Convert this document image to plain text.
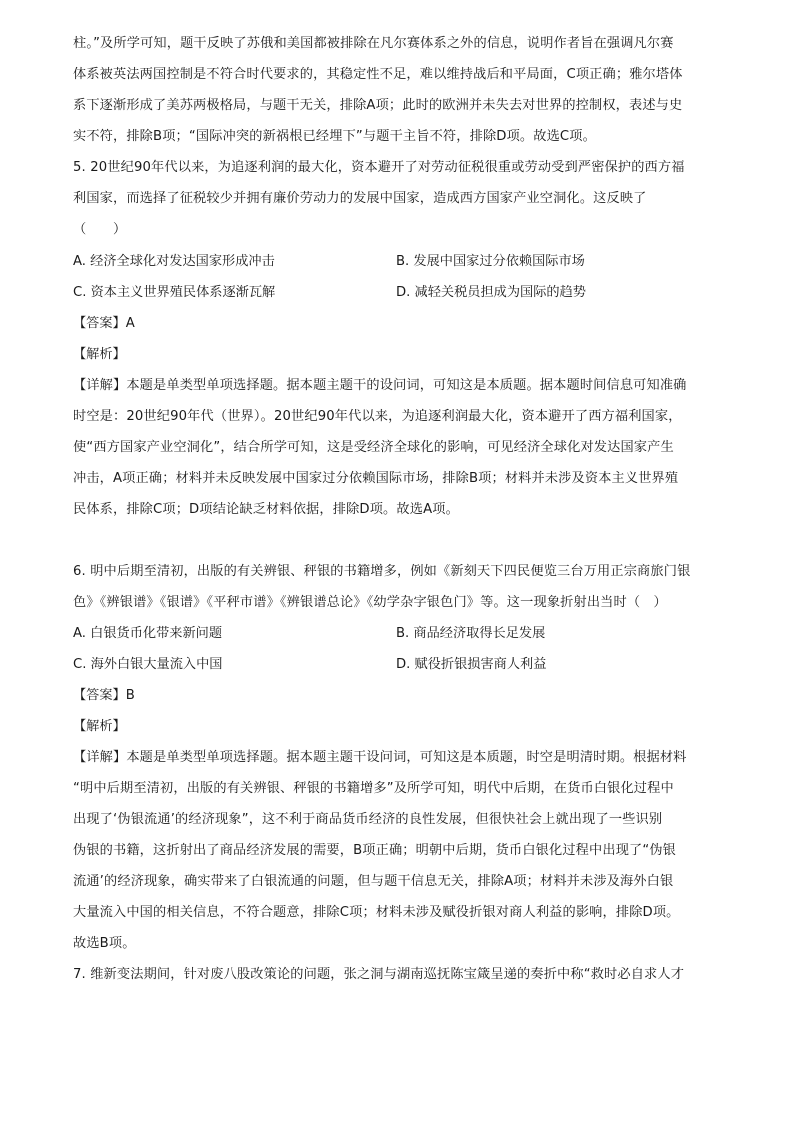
柱。”及所学可知，题干反映了苏俄和美国都被排除在凡尔赛体系之外的信息，说明作者旨在强调凡尔赛
体系被英法两国控制是不符合时代要求的，其稳定性不足，难以维持战后和平局面，C项正确；雅尔塔体
系下逐渐形成了美苏两极格局，与题干无关，排除A项；此时的欧洲并未失去对世界的控制权，表述与史
实不符，排除B项；“国际冲突的新祸根已经埋下”与题干主旨不符，排除D项。故选C项。
5. 20世纪90年代以来，为追逐利润的最大化，资本避开了对劳动征税很重或劳动受到严密保护的西方福
利国家，而选择了征税较少并拥有廉价劳动力的发展中国家，造成西方国家产业空洞化。这反映了
（　　）
A. 经济全球化对发达国家形成冲击	B. 发展中国家过分依赖国际市场
C. 资本主义世界殖民体系逐渐瓦解	D. 减轻关税员担成为国际的趋势
【答案】A
【解析】
【详解】本题是单类型单项选择题。据本题主题干的设问词，可知这是本质题。据本题时间信息可知准确
时空是：20世纪90年代（世界）。20世纪90年代以来，为追逐利润最大化，资本避开了西方福利国家，
使“西方国家产业空洞化”，结合所学可知，这是受经济全球化的影响，可见经济全球化对发达国家产生
冲击，A项正确；材料并未反映发展中国家过分依赖国际市场，排除B项；材料并未涉及资本主义世界殖
民体系，排除C项；D项结论缺乏材料依据，排除D项。故选A项。
6. 明中后期至清初，出版的有关辨银、秤银的书籍增多，例如《新刻天下四民便览三台万用正宗商旅门银
色》《辨银谱》《银谱》《平秤市谱》《辨银谱总论》《幼学杂字银色门》等。这一现象折射出当时（　）
A. 白银货币化带来新问题	B. 商品经济取得长足发展
C. 海外白银大量流入中国	D. 赋役折银损害商人利益
【答案】B
【解析】
【详解】本题是单类型单项选择题。据本题主题干设问词，可知这是本质题，时空是明清时期。根据材料
“明中后期至清初，出版的有关辨银、秤银的书籍增多”及所学可知，明代中后期，在货币白银化过程中
出现了‘伪银流通’的经济现象”，这不利于商品货币经济的良性发展，但很快社会上就出现了一些识别
伪银的书籍，这折射出了商品经济发展的需要，B项正确；明朝中后期，货币白银化过程中出现了“伪银
流通’的经济现象，确实带来了白银流通的问题，但与题干信息无关，排除A项；材料并未涉及海外白银
大量流入中国的相关信息，不符合题意，排除C项；材料未涉及赋役折银对商人利益的影响，排除D项。
故选B项。
7. 维新变法期间，针对废八股改策论的问题，张之洞与湖南巡抚陈宝箴呈递的奏折中称“救时必自求人才
